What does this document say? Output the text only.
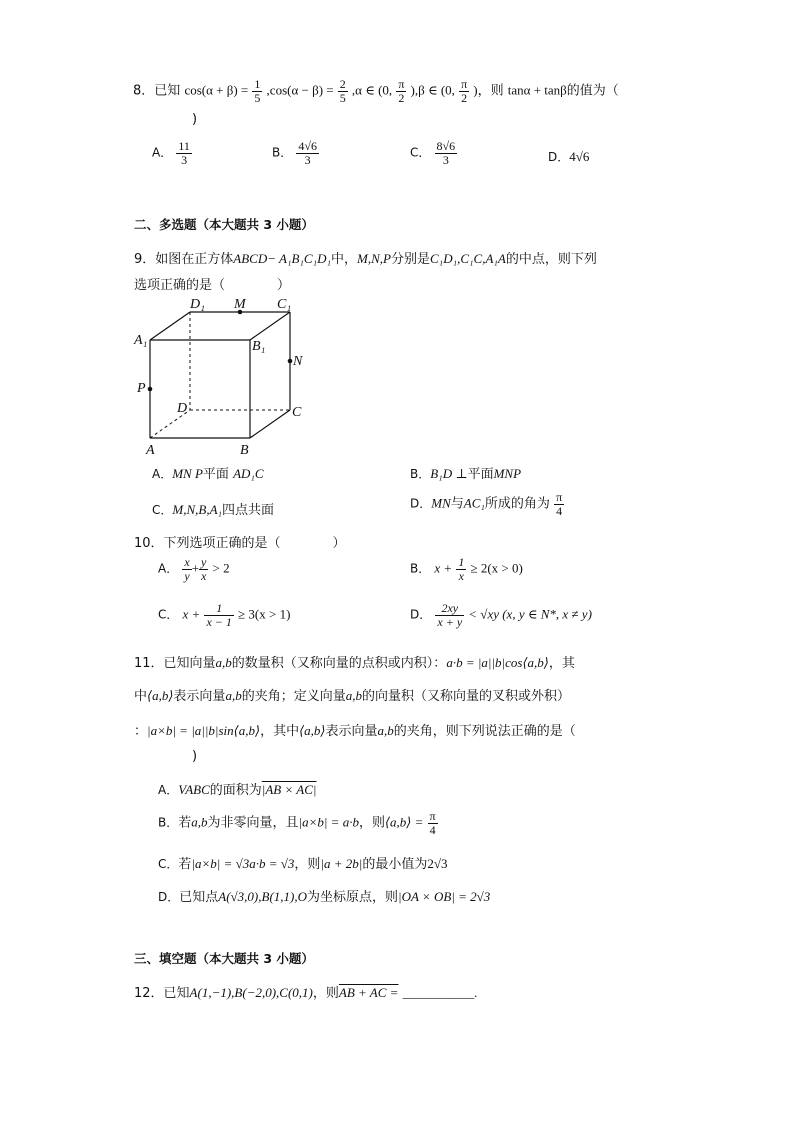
8．已知 $\cos(\alpha + \beta) = \frac{1}{5} ,\cos(\alpha - \beta) = \frac{2}{5} ,\alpha$ ∈ (0, $\frac{\pi}{2} ),\beta$ ∈ (0, $\frac{\pi}{2}$ )，则 tanα + tanβ的值为（
)
A． $\frac{11}{3}$	B． $\frac{4√6}{3}$	C． $\frac{8√6}{3}$	D．4√6
二、多选题（本大题共 3 小题）
9．如图在正方体ABCD− A₁B₁C₁D₁中，M,N,P分别是C₁D₁,C₁C,A₁A的中点，则下列
选项正确的是（　　　　）
D₁ M C₁
A₁	B₁
N
P
D	C
A	B
A．MN P平面 AD₁C	B．B₁D ⊥平面MNP
C．M,N,B,A₁四点共面	D．MN与AC₁所成的角为 $\frac{\pi}{4}$
10．下列选项正确的是（　　　　）
A． $\frac{x}{y} + \frac{y}{x} > 2$	B． $x + \frac{1}{x} \ge 2(x > 0)$
C． $x + \frac{1}{x - 1} \ge 3(x > 1)$	D． $\frac{2xy}{x + y} < √xy$ (x, y ∈ N*, x ≠ y)
11．已知向量a,b的数量积（又称向量的点积或内积）：a·b = |a||b|cos⟨a,b⟩，其
中⟨a,b⟩表示向量a,b的夹角；定义向量a,b的向量积（又称向量的叉积或外积）
：|a×b| = |a||b|sin⟨a,b⟩，其中⟨a,b⟩表示向量a,b的夹角，则下列说法正确的是（
)
A．VABC的面积为|AB × AC|
B．若a,b为非零向量，且|a×b| = a·b，则⟨a,b⟩ = $\frac{\pi}{4}$
C．若|a×b| = √3a·b = √3，则|a + 2b|的最小值为2√3
D．已知点A(√3,0),B(1,1),O为坐标原点，则|OA × OB| = 2√3
三、填空题（本大题共 3 小题）
12．已知A(1,−1),B(−2,0),C(0,1)，则AB + AC = ___________.
